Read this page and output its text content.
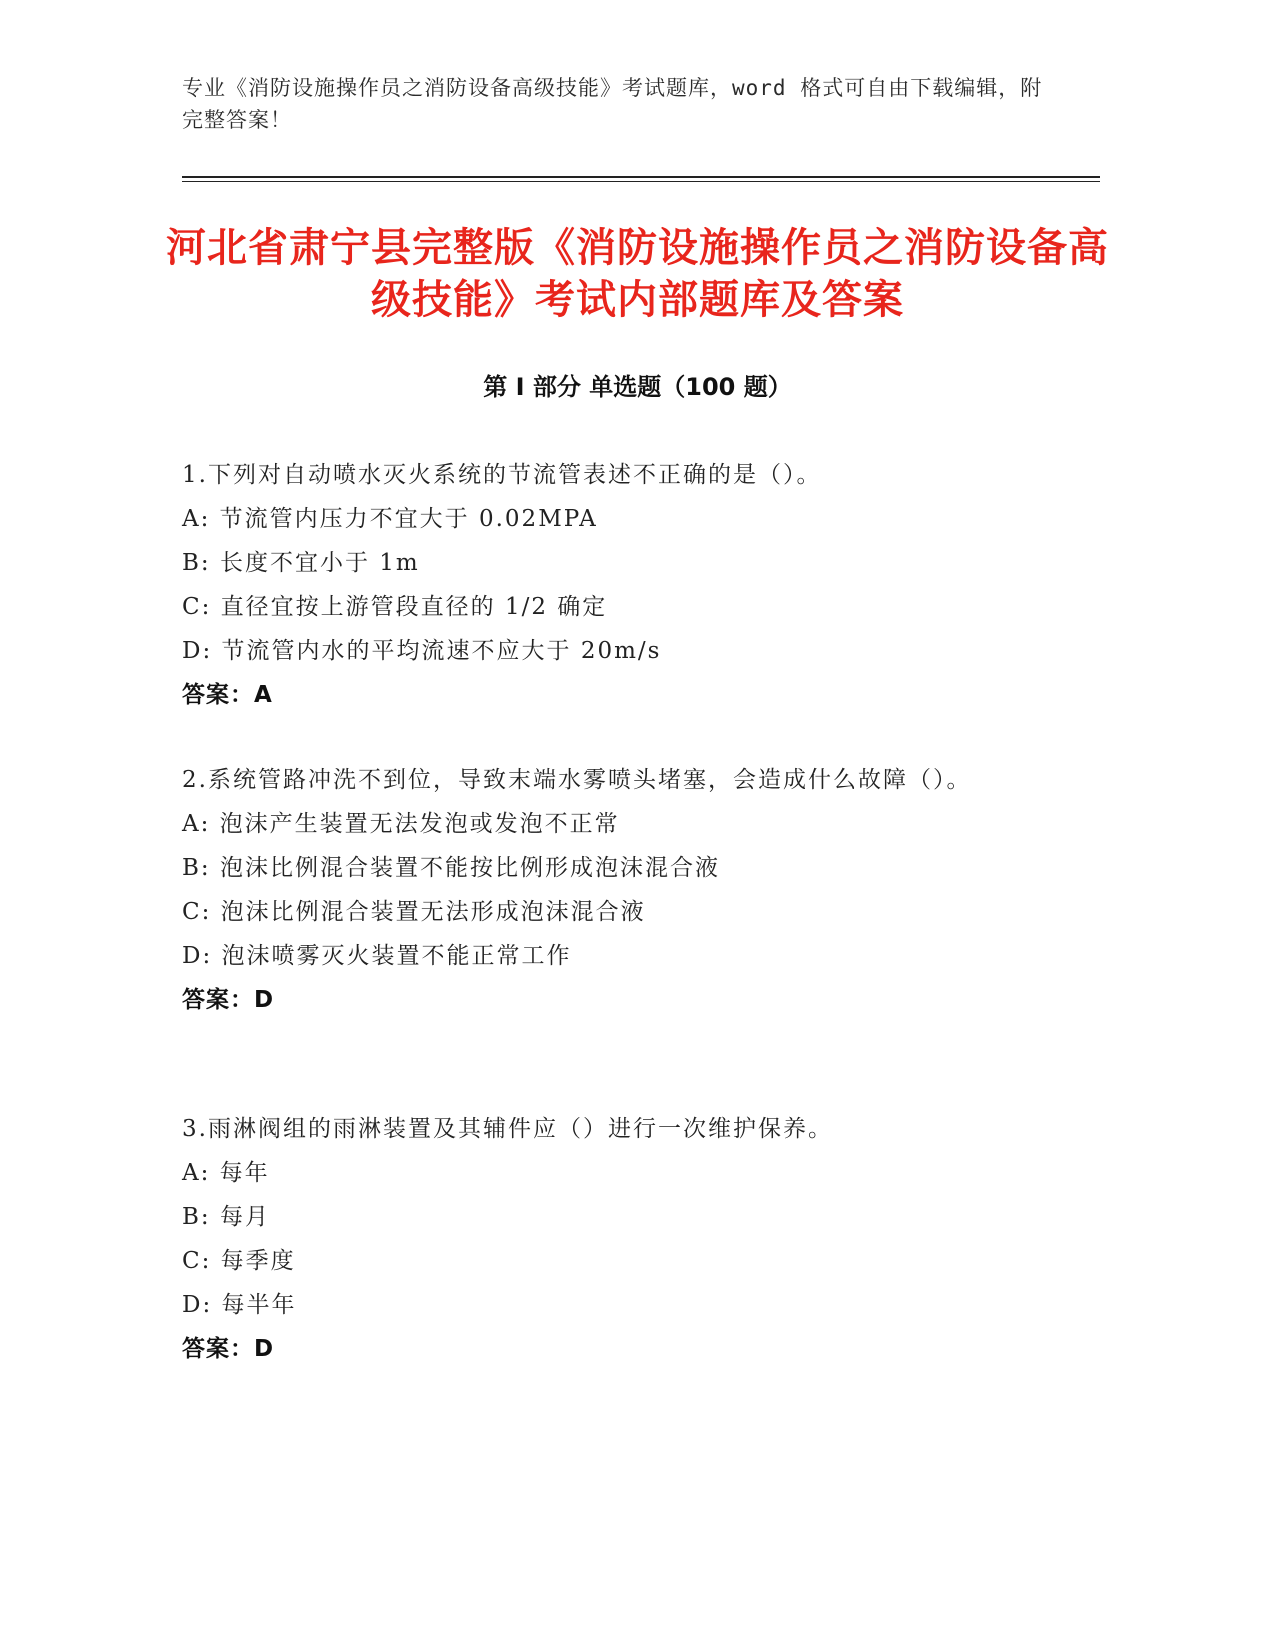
专业《消防设施操作员之消防设备高级技能》考试题库，word 格式可自由下载编辑，附完整答案！
河北省肃宁县完整版《消防设施操作员之消防设备高级技能》考试内部题库及答案
第 I 部分 单选题（100 题）
1.下列对自动喷水灭火系统的节流管表述不正确的是（）。
A: 节流管内压力不宜大于 0.02MPA
B: 长度不宜小于 1m
C: 直径宜按上游管段直径的 1/2 确定
D: 节流管内水的平均流速不应大于 20m/s
答案：A
2.系统管路冲洗不到位，导致末端水雾喷头堵塞，会造成什么故障（）。
A: 泡沫产生装置无法发泡或发泡不正常
B: 泡沫比例混合装置不能按比例形成泡沫混合液
C: 泡沫比例混合装置无法形成泡沫混合液
D: 泡沫喷雾灭火装置不能正常工作
答案：D
3.雨淋阀组的雨淋装置及其辅件应（）进行一次维护保养。
A: 每年
B: 每月
C: 每季度
D: 每半年
答案：D
